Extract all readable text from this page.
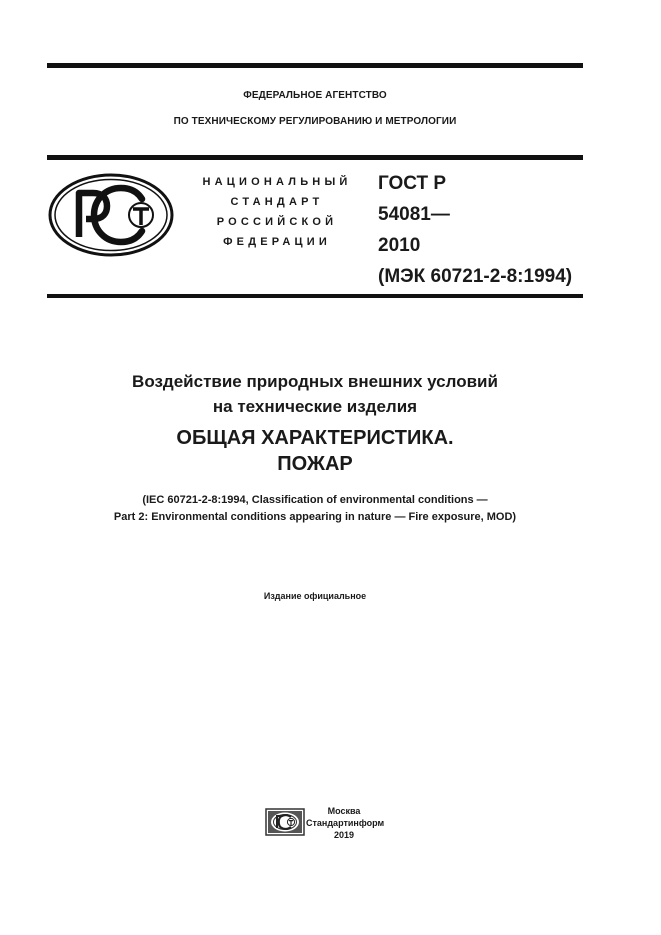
ФЕДЕРАЛЬНОЕ АГЕНТСТВО
ПО ТЕХНИЧЕСКОМУ РЕГУЛИРОВАНИЮ И МЕТРОЛОГИИ
НАЦИОНАЛЬНЫЙ
СТАНДАРТ
РОССИЙСКОЙ
ФЕДЕРАЦИИ
ГОСТ Р
54081—
2010
(МЭК 60721-2-8:1994)
Воздействие природных внешних условий
на технические изделия
ОБЩАЯ ХАРАКТЕРИСТИКА.
ПОЖАР
(IEC 60721-2-8:1994, Classification of environmental conditions —
Part 2: Environmental conditions appearing in nature — Fire exposure, MOD)
Издание официальное
Москва
Стандартинформ
2019
